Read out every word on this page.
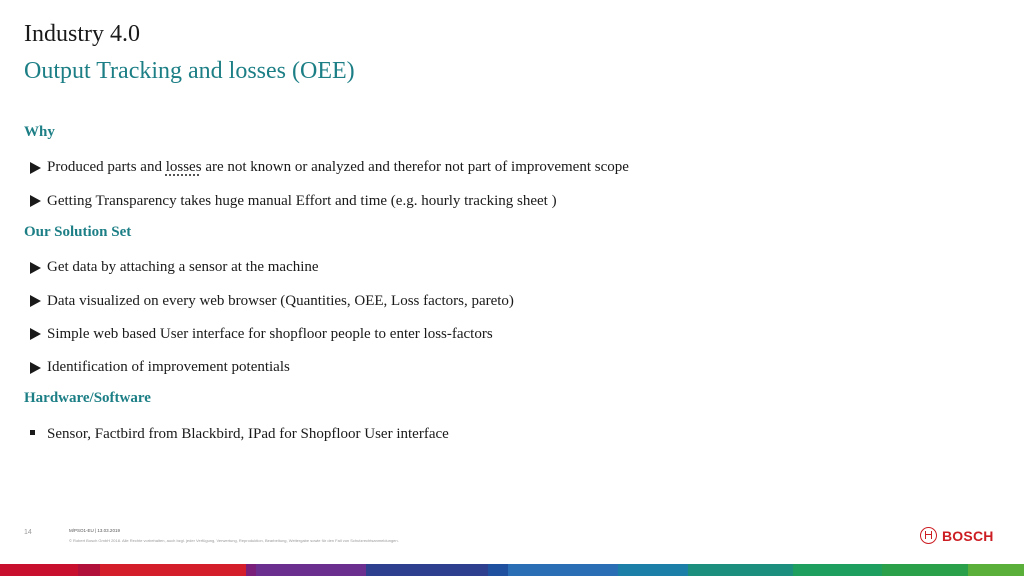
Industry 4.0
Output Tracking and losses (OEE)
Why
Produced parts and losses are not known or analyzed and therefor not part of improvement scope
Getting Transparency takes huge manual Effort and time (e.g. hourly tracking sheet )
Our Solution Set
Get data by attaching a sensor at the machine
Data visualized on every web browser (Quantities, OEE, Loss factors, pareto)
Simple web based User interface for shopfloor people to enter loss-factors
Identification of improvement potentials
Hardware/Software
Sensor, Factbird from Blackbird, IPad for Shopfloor User interface
14	M/PSO1-EU | 13.03.2019
© Robert Bosch GmbH 2018. Alle Rechte vorbehalten, auch bzgl. jeder Verfügung, Verwertung, Reproduktion, Bearbeitung, Weitergabe sowie für den Fall von Schutzrechtsanmeldungen.	BOSCH
